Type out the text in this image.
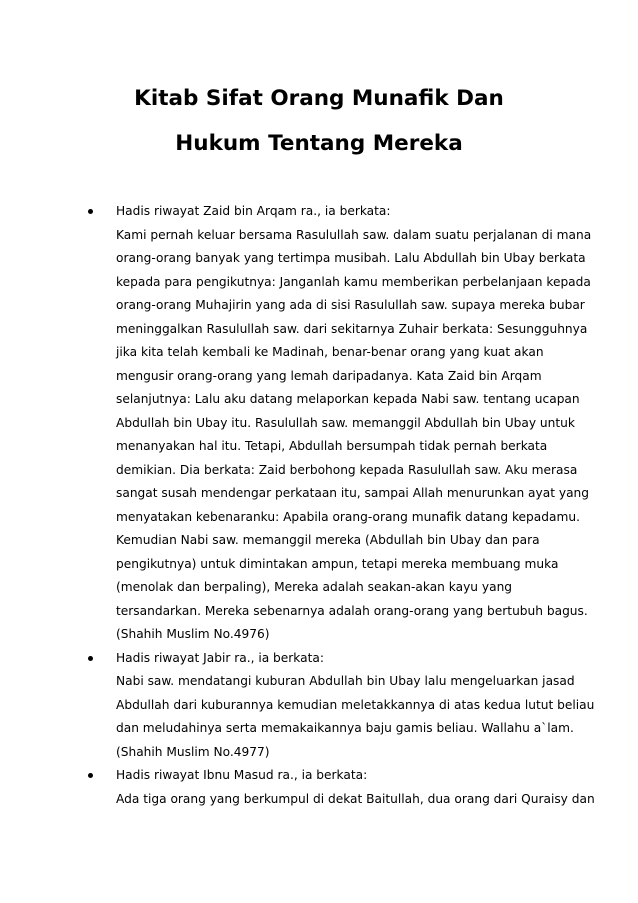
Kitab Sifat Orang Munafik Dan
Hukum Tentang Mereka
Hadis riwayat Zaid bin Arqam ra., ia berkata:
Kami pernah keluar bersama Rasulullah saw. dalam suatu perjalanan di mana
orang-orang banyak yang tertimpa musibah. Lalu Abdullah bin Ubay berkata
kepada para pengikutnya: Janganlah kamu memberikan perbelanjaan kepada
orang-orang Muhajirin yang ada di sisi Rasulullah saw. supaya mereka bubar
meninggalkan Rasulullah saw. dari sekitarnya Zuhair berkata: Sesungguhnya
jika kita telah kembali ke Madinah, benar-benar orang yang kuat akan
mengusir orang-orang yang lemah daripadanya. Kata Zaid bin Arqam
selanjutnya: Lalu aku datang melaporkan kepada Nabi saw. tentang ucapan
Abdullah bin Ubay itu. Rasulullah saw. memanggil Abdullah bin Ubay untuk
menanyakan hal itu. Tetapi, Abdullah bersumpah tidak pernah berkata
demikian. Dia berkata: Zaid berbohong kepada Rasulullah saw. Aku merasa
sangat susah mendengar perkataan itu, sampai Allah menurunkan ayat yang
menyatakan kebenaranku: Apabila orang-orang munafik datang kepadamu.
Kemudian Nabi saw. memanggil mereka (Abdullah bin Ubay dan para
pengikutnya) untuk dimintakan ampun, tetapi mereka membuang muka
(menolak dan berpaling), Mereka adalah seakan-akan kayu yang
tersandarkan. Mereka sebenarnya adalah orang-orang yang bertubuh bagus.
(Shahih Muslim No.4976)
Hadis riwayat Jabir ra., ia berkata:
Nabi saw. mendatangi kuburan Abdullah bin Ubay lalu mengeluarkan jasad
Abdullah dari kuburannya kemudian meletakkannya di atas kedua lutut beliau
dan meludahinya serta memakaikannya baju gamis beliau. Wallahu a`lam.
(Shahih Muslim No.4977)
Hadis riwayat Ibnu Masud ra., ia berkata:
Ada tiga orang yang berkumpul di dekat Baitullah, dua orang dari Quraisy dan
